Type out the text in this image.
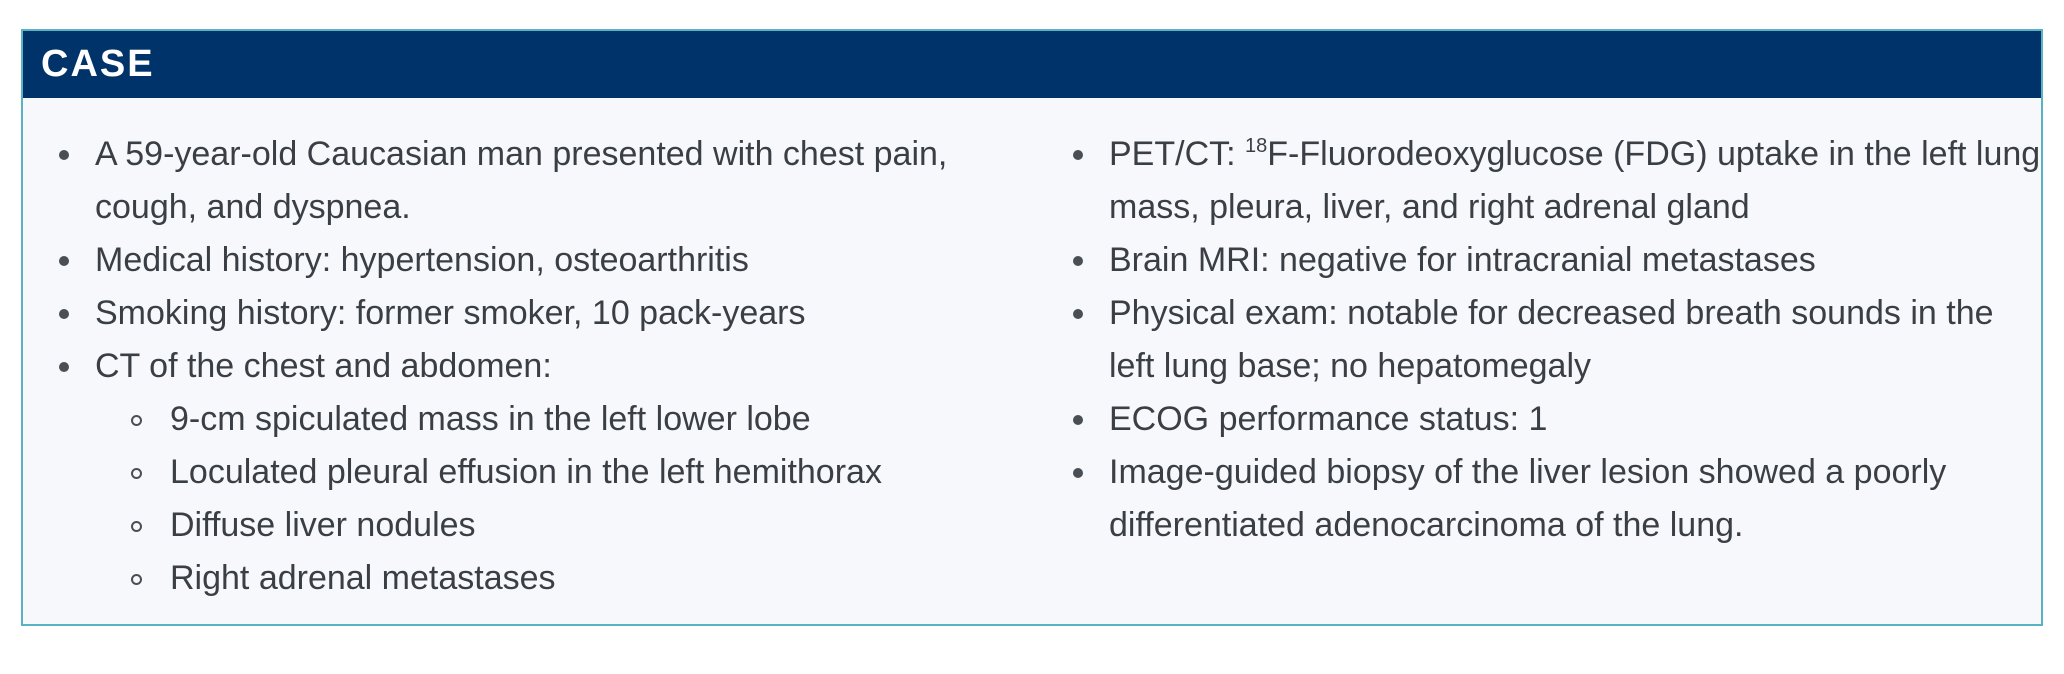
CASE
A 59-year-old Caucasian man presented with chest pain, cough, and dyspnea.
Medical history: hypertension, osteoarthritis
Smoking history: former smoker, 10 pack-years
CT of the chest and abdomen:
9-cm spiculated mass in the left lower lobe
Loculated pleural effusion in the left hemithorax
Diffuse liver nodules
Right adrenal metastases
PET/CT: $^{18}$F-Fluorodeoxyglucose (FDG) uptake in the left lung mass, pleura, liver, and right adrenal gland
Brain MRI: negative for intracranial metastases
Physical exam: notable for decreased breath sounds in the left lung base; no hepatomegaly
ECOG performance status: 1
Image-guided biopsy of the liver lesion showed a poorly differentiated adenocarcinoma of the lung.
